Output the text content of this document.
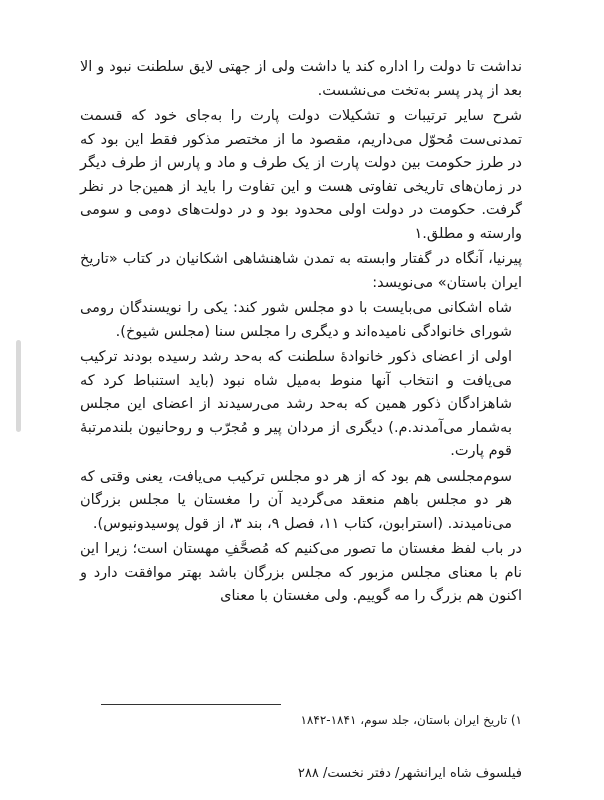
نداشت تا دولت را اداره کند یا داشت ولی از جهتی لایق سلطنت نبود و الا بعد از پدر پسر به‌تخت می‌نشست.

شرح سایر ترتیبات و تشکیلات دولت پارت را به‌جای خود که قسمت تمدنی‌ست مُحوّل می‌داریم، مقصود ما از مختصر مذکور فقط این بود که در طرز حکومت بین دولت پارت از یک طرف و ماد و پارس از طرف دیگر در زمان‌های تاریخی تفاوتی هست و این تفاوت را باید از همین‌جا در نظر گرفت. حکومت در دولت اولی محدود بود و در دولت‌های دومی و سومی وارسته و مطلق.۱

پیرنیا، آنگاه در گفتار وابسته به تمدن شاهنشاهی اشکانیان در کتاب «تاریخ ایران باستان» می‌نویسد:

شاه اشکانی می‌بایست با دو مجلس شور کند: یکی را نویسندگان رومی شورای خانوادگی نامیده‌اند و دیگری را مجلس سنا (مجلس شیوخ).

اولی از اعضای ذکور خانوادهٔ سلطنت که به‌حد رشد رسیده بودند ترکیب می‌یافت و انتخاب آنها منوط به‌میل شاه نبود (باید استنباط کرد که شاهزادگان ذکور همین که به‌حد رشد می‌رسیدند از اعضای این مجلس به‌شمار می‌آمدند.م.) دیگری از مردان پیر و مُجرّب و روحانیون بلندمرتبهٔ قوم پارت.

سوم‌مجلسی هم بود که از هر دو مجلس ترکیب می‌یافت، یعنی وقتی که هر دو مجلس باهم منعقد می‌گردید آن را مغستان یا مجلس بزرگان می‌نامیدند. (استرابون، کتاب ۱۱، فصل ۹، بند ۳، از قول پوسیدونیوس).

در باب لفظ مغستان ما تصور می‌کنیم که مُصحَّفِ مهستان است؛ زیرا این نام با معنای مجلس مزبور که مجلس بزرگان باشد بهتر موافقت دارد و اکنون هم بزرگ را مه گوییم. ولی مغستان با معنای

۱) تاریخ ایران باستان، جلد سوم، ۱۸۴۱-۱۸۴۲
فیلسوف شاه ایرانشهر/ دفتر نخست/ ۲۸۸
